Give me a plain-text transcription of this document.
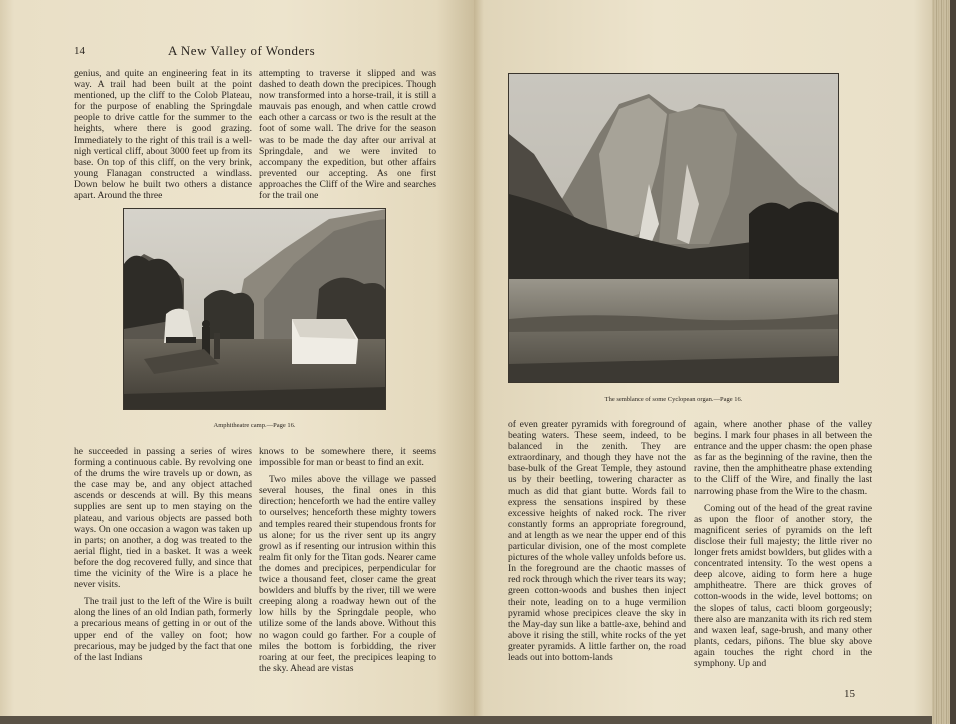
14	A New Valley of Wonders

genius, and quite an engineering feat in its way. A trail had been built at the point mentioned, up the cliff to the Colob Plateau, for the purpose of enabling the Springdale people to drive cattle for the summer to the heights, where there is good grazing. Immediately to the right of this trail is a well-nigh vertical cliff, about 3000 feet up from its base. On top of this cliff, on the very brink, young Flanagan constructed a windlass. Down below he built two others a distance apart. Around the three

attempting to traverse it slipped and was dashed to death down the precipices. Though now transformed into a horse-trail, it is still a mauvais pas enough, and when cattle crowd each other a carcass or two is the result at the foot of some wall. The drive for the season was to be made the day after our arrival at Springdale, and we were invited to accompany the expedition, but other affairs prevented our accepting. As one first approaches the Cliff of the Wire and searches for the trail one

Amphitheatre camp.—Page 16.

he succeeded in passing a series of wires forming a continuous cable. By revolving one of the drums the wire travels up or down, as the case may be, and any object attached ascends or descends at will. By this means supplies are sent up to men staying on the plateau, and various objects are passed both ways. On one occasion a wagon was taken up in parts; on another, a dog was treated to the aerial flight, tied in a basket. It was a week before the dog recovered fully, and since that time the vicinity of the Wire is a place he never visits.

The trail just to the left of the Wire is built along the lines of an old Indian path, formerly a precarious means of getting in or out of the upper end of the valley on foot; how precarious, may be judged by the fact that one of the last Indians

knows to be somewhere there, it seems impossible for man or beast to find an exit.

Two miles above the village we passed several houses, the final ones in this direction; henceforth we had the entire valley to ourselves; henceforth these mighty towers and temples reared their stupendous fronts for us alone; for us the river sent up its angry growl as if resenting our intrusion within this realm fit only for the Titan gods. Nearer came the domes and precipices, perpendicular for twice a thousand feet, closer came the great bowlders and bluffs by the river, till we were creeping along a roadway hewn out of the low hills by the Springdale people, who utilize some of the lands above. Without this no wagon could go farther. For a couple of miles the bottom is forbidding, the river roaring at our feet, the precipices leaping to the sky. Ahead are vistas

The semblance of some Cyclopean organ.—Page 16.

of even greater pyramids with foreground of beating waters. These seem, indeed, to be balanced in the zenith. They are extraordinary, and though they have not the base-bulk of the Great Temple, they astound us by their beetling, towering character as much as did that giant butte. Words fail to express the sensations inspired by these excessive heights of naked rock. The river constantly forms an appropriate foreground, and at length as we near the upper end of this particular division, one of the most complete pictures of the whole valley unfolds before us. In the foreground are the chaotic masses of red rock through which the river tears its way; green cotton-woods and bushes then inject their note, leading on to a huge vermilion pyramid whose precipices cleave the sky in the May-day sun like a battle-axe, behind and above it rising the still, white rocks of the yet greater pyramids. A little farther on, the road leads out into bottom-lands

again, where another phase of the valley begins. I mark four phases in all between the entrance and the upper chasm: the open phase as far as the beginning of the ravine, then the ravine, then the amphitheatre phase extending to the Cliff of the Wire, and finally the last narrowing phase from the Wire to the chasm.

Coming out of the head of the great ravine as upon the floor of another story, the magnificent series of pyramids on the left disclose their full majesty; the little river no longer frets amidst bowlders, but glides with a concentrated intensity. To the west opens a deep alcove, aiding to form here a huge amphitheatre. There are thick groves of cotton-woods in the wide, level bottoms; on the slopes of talus, cacti bloom gorgeously; there also are manzanita with its rich red stem and waxen leaf, sage-brush, and many other plants, cedars, piñons. The blue sky above again touches the right chord in the symphony. Up and

15
